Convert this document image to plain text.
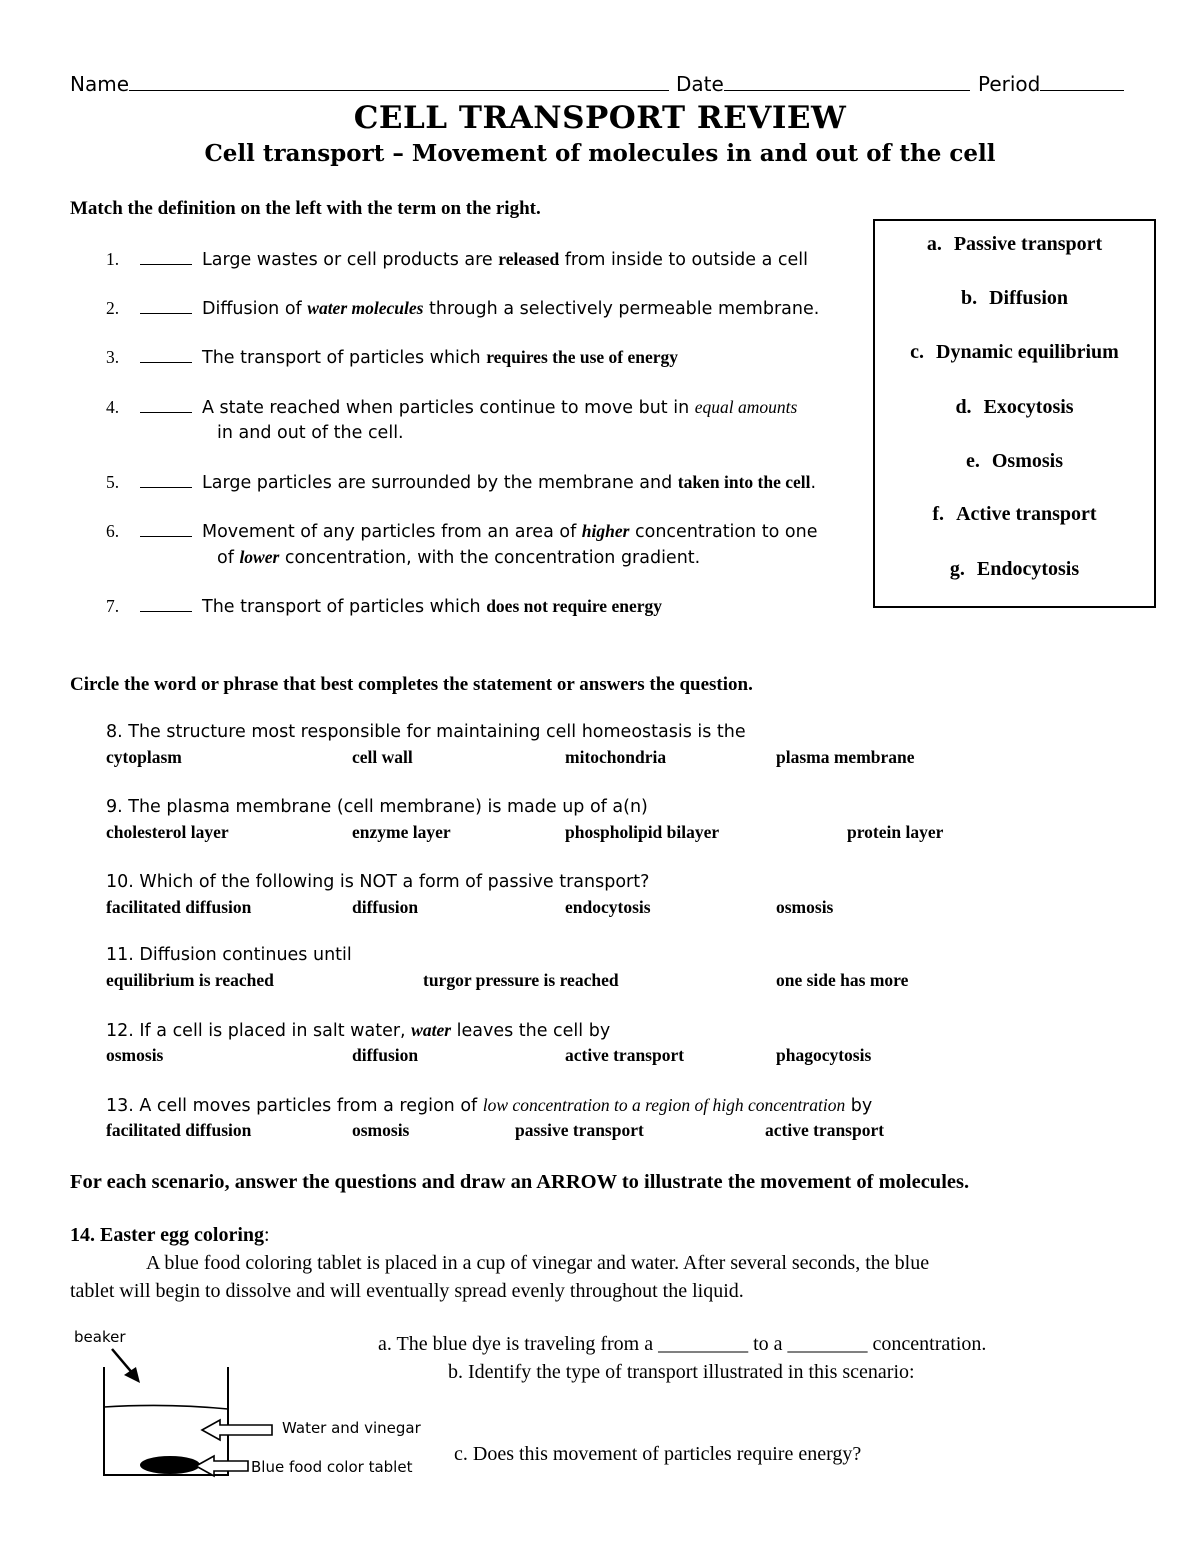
Name	Date	Period
CELL TRANSPORT REVIEW
Cell transport – Movement of molecules in and out of the cell
Match the definition on the left with the term on the right.
1.	Large wastes or cell products are released from inside to outside a cell
2.	Diffusion of water molecules through a selectively permeable membrane.
3.	The transport of particles which requires the use of energy
4.	A state reached when particles continue to move but in equal amounts
in and out of the cell.
5.	Large particles are surrounded by the membrane and taken into the cell.
6.	Movement of any particles from an area of higher concentration to one
of lower concentration, with the concentration gradient.
7.	The transport of particles which does not require energy
a. Passive transport
b. Diffusion
c. Dynamic equilibrium
d. Exocytosis
e. Osmosis
f. Active transport
g. Endocytosis
Circle the word or phrase that best completes the statement or answers the question.
8. The structure most responsible for maintaining cell homeostasis is the
cytoplasm	cell wall	mitochondria	plasma membrane
9. The plasma membrane (cell membrane) is made up of a(n)
cholesterol layer	enzyme layer	phospholipid bilayer	protein layer
10. Which of the following is NOT a form of passive transport?
facilitated diffusion	diffusion	endocytosis	osmosis
11. Diffusion continues until
equilibrium is reached	turgor pressure is reached	one side has more
12. If a cell is placed in salt water, water leaves the cell by
osmosis	diffusion	active transport	phagocytosis
13. A cell moves particles from a region of low concentration to a region of high concentration by
facilitated diffusion	osmosis	passive transport	active transport
For each scenario, answer the questions and draw an ARROW to illustrate the movement of molecules.
14. Easter egg coloring:
A blue food coloring tablet is placed in a cup of vinegar and water. After several seconds, the blue
tablet will begin to dissolve and will eventually spread evenly throughout the liquid.
a. The blue dye is traveling from a _________ to a ________ concentration.
b. Identify the type of transport illustrated in this scenario:
c. Does this movement of particles require energy?
beaker
Water and vinegar
Blue food color tablet
